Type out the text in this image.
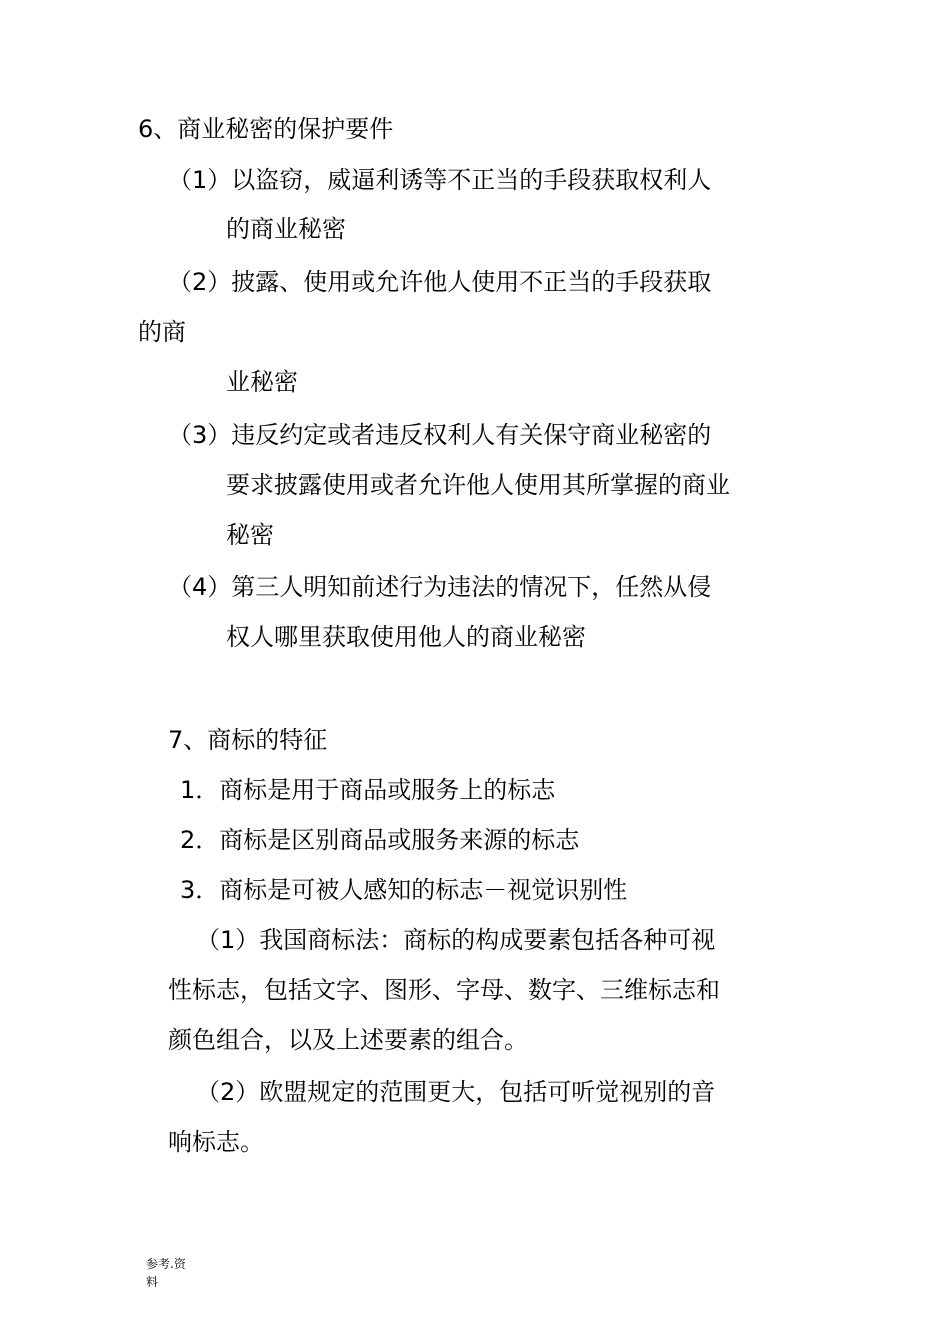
6、商业秘密的保护要件
（1）以盗窃，威逼利诱等不正当的手段获取权利人
的商业秘密
（2）披露、使用或允许他人使用不正当的手段获取
的商
业秘密
（3）违反约定或者违反权利人有关保守商业秘密的
要求披露使用或者允许他人使用其所掌握的商业
秘密
（4）第三人明知前述行为违法的情况下，任然从侵
权人哪里获取使用他人的商业秘密
7、商标的特征
1．商标是用于商品或服务上的标志
2．商标是区别商品或服务来源的标志
3．商标是可被人感知的标志－视觉识别性
（1）我国商标法：商标的构成要素包括各种可视
性标志，包括文字、图形、字母、数字、三维标志和
颜色组合，以及上述要素的组合。
（2）欧盟规定的范围更大，包括可听觉视别的音
响标志。
参考.资
料
